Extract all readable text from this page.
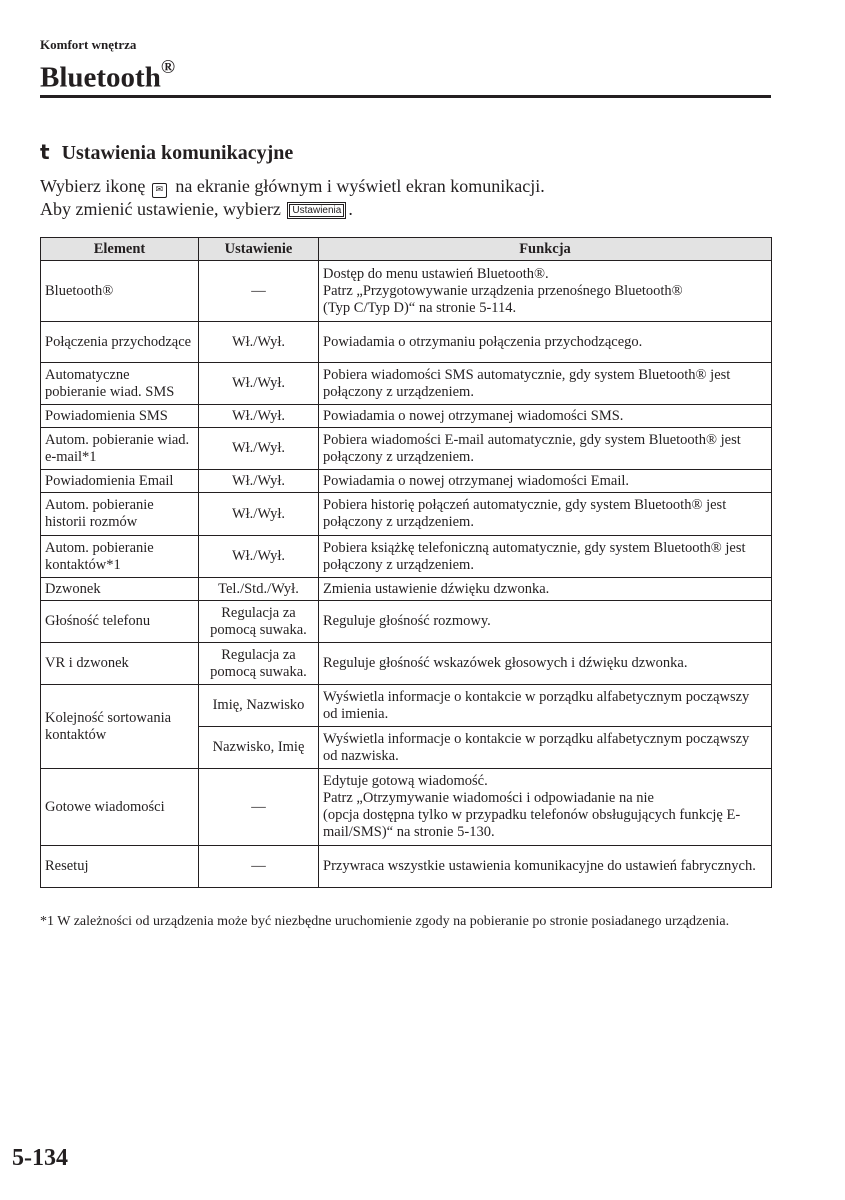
Komfort wnętrza
Bluetooth®
t Ustawienia komunikacyjne
Wybierz ikonę ✉ na ekranie głównym i wyświetl ekran komunikacji.
Aby zmienić ustawienie, wybierz Ustawienia .
Element	Ustawienie	Funkcja
Bluetooth®	—	Dostęp do menu ustawień Bluetooth®.
Patrz „Przygotowywanie urządzenia przenośnego Bluetooth®
(Typ C/Typ D)“ na stronie 5-114.

Połączenia przychodzące	Wł./Wył.	Powiadamia o otrzymaniu połączenia przychodzącego.
Automatyczne pobieranie wiad. SMS	Wł./Wył.	Pobiera wiadomości SMS automatycznie, gdy system Bluetooth® jest połączony z urządzeniem.
Powiadomienia SMS	Wł./Wył.	Powiadamia o nowej otrzymanej wiadomości SMS.
Autom. pobieranie wiad. e-mail*1	Wł./Wył.	Pobiera wiadomości E-mail automatycznie, gdy system Bluetooth® jest połączony z urządzeniem.
Powiadomienia Email	Wł./Wył.	Powiadamia o nowej otrzymanej wiadomości Email.
Autom. pobieranie historii rozmów	Wł./Wył.	Pobiera historię połączeń automatycznie, gdy system Bluetooth® jest połączony z urządzeniem.
Autom. pobieranie kontaktów*1	Wł./Wył.	Pobiera książkę telefoniczną automatycznie, gdy system Bluetooth® jest połączony z urządzeniem.
Dzwonek	Tel./Std./Wył.	Zmienia ustawienie dźwięku dzwonka.
Głośność telefonu	Regulacja za pomocą suwaka.	Reguluje głośność rozmowy.
VR i dzwonek	Regulacja za pomocą suwaka.	Reguluje głośność wskazówek głosowych i dźwięku dzwonka.
Kolejność sortowania kontaktów	Imię, Nazwisko	Wyświetla informacje o kontakcie w porządku alfabetycznym począwszy od imienia.
	Nazwisko, Imię	Wyświetla informacje o kontakcie w porządku alfabetycznym począwszy od nazwiska.
Gotowe wiadomości	—	Edytuje gotową wiadomość.
Patrz „Otrzymywanie wiadomości i odpowiadanie na nie
(opcja dostępna tylko w przypadku telefonów obsługujących funkcję E-mail/SMS)“ na stronie 5-130.

Resetuj	—	Przywraca wszystkie ustawienia komunikacyjne do ustawień fabrycznych.
*1 W zależności od urządzenia może być niezbędne uruchomienie zgody na pobieranie po stronie posiadanego urządzenia.
5-134
